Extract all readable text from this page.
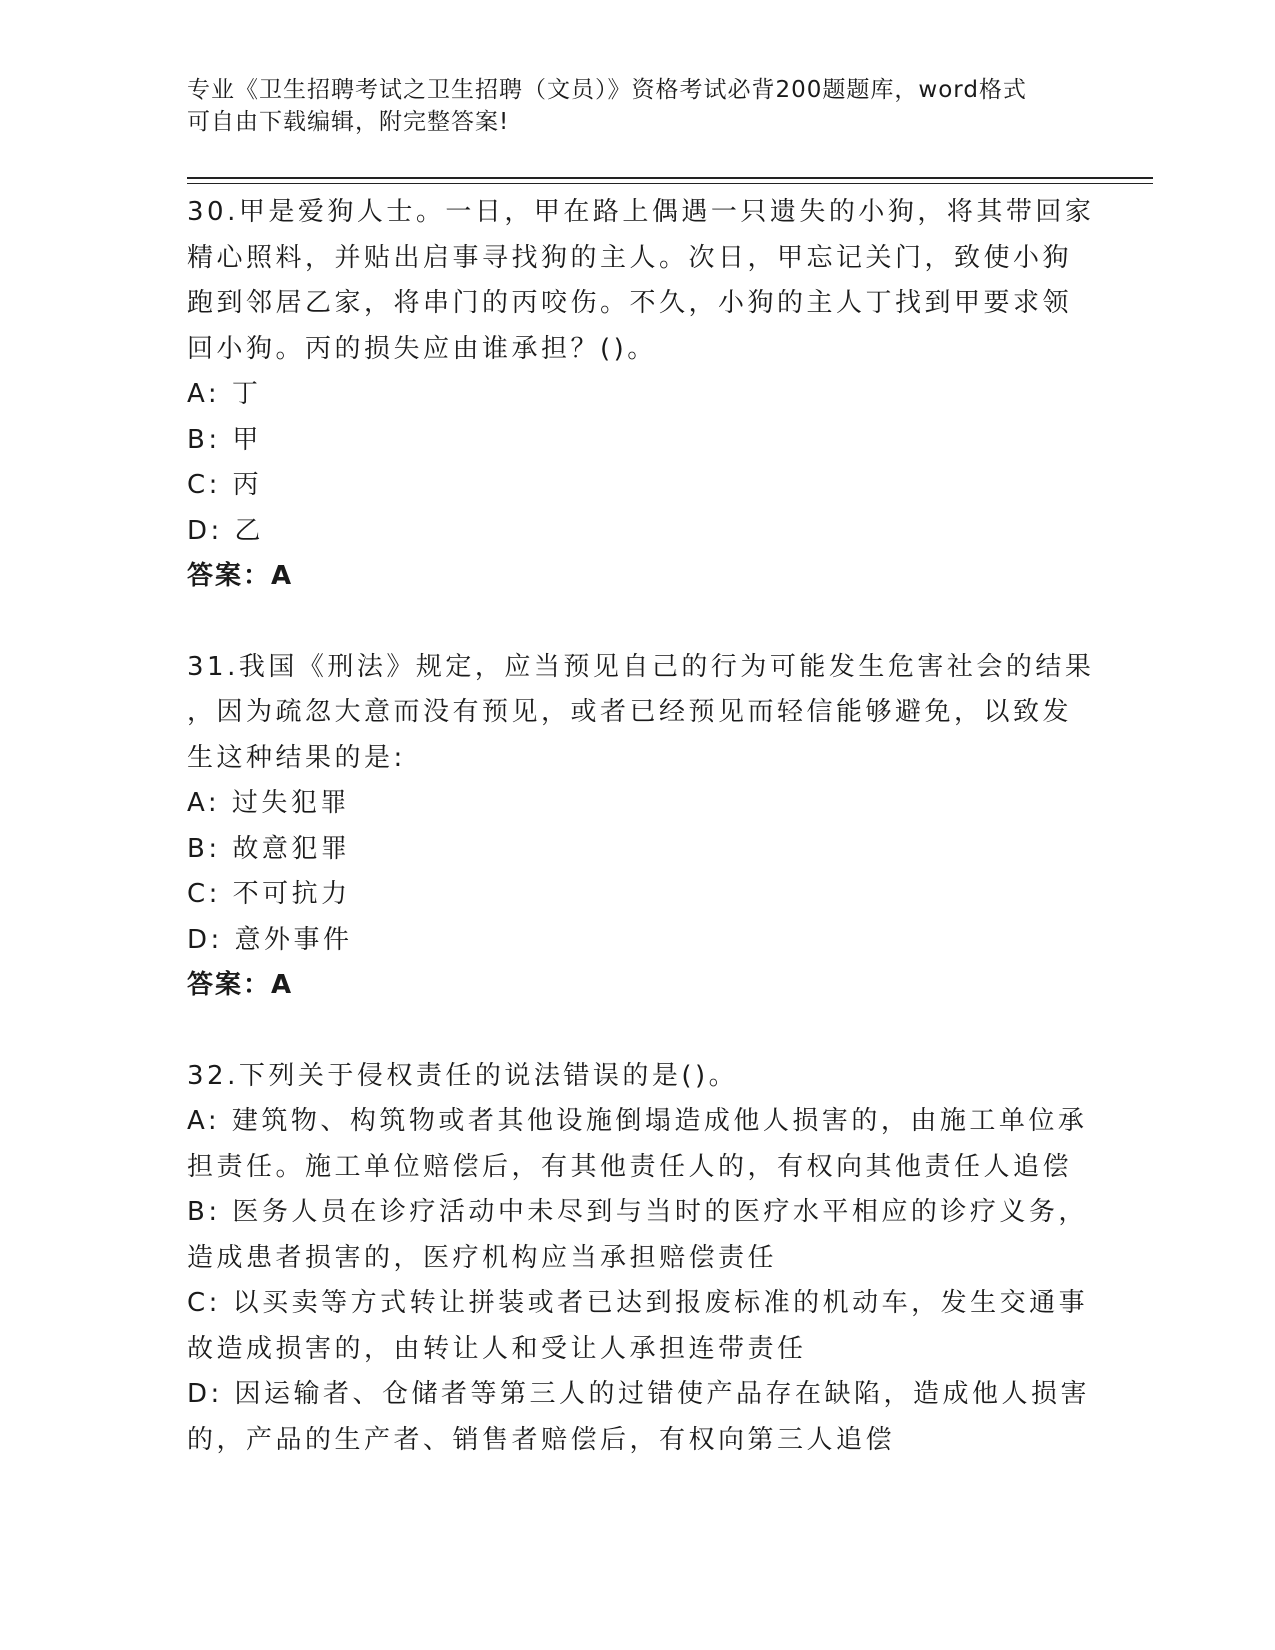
专业《卫生招聘考试之卫生招聘（文员）》资格考试必背200题题库，word格式
可自由下载编辑，附完整答案!
30.甲是爱狗人士。一日，甲在路上偶遇一只遗失的小狗，将其带回家
精心照料，并贴出启事寻找狗的主人。次日，甲忘记关门，致使小狗
跑到邻居乙家，将串门的丙咬伤。不久，小狗的主人丁找到甲要求领
回小狗。丙的损失应由谁承担？()。
A: 丁
B: 甲
C: 丙
D: 乙
答案：A
31.我国《刑法》规定，应当预见自己的行为可能发生危害社会的结果
，因为疏忽大意而没有预见，或者已经预见而轻信能够避免，以致发
生这种结果的是:
A: 过失犯罪
B: 故意犯罪
C: 不可抗力
D: 意外事件
答案：A
32.下列关于侵权责任的说法错误的是()。
A: 建筑物、构筑物或者其他设施倒塌造成他人损害的，由施工单位承
担责任。施工单位赔偿后，有其他责任人的，有权向其他责任人追偿
B: 医务人员在诊疗活动中未尽到与当时的医疗水平相应的诊疗义务，
造成患者损害的，医疗机构应当承担赔偿责任
C: 以买卖等方式转让拼装或者已达到报废标准的机动车，发生交通事
故造成损害的，由转让人和受让人承担连带责任
D: 因运输者、仓储者等第三人的过错使产品存在缺陷，造成他人损害
的，产品的生产者、销售者赔偿后，有权向第三人追偿
